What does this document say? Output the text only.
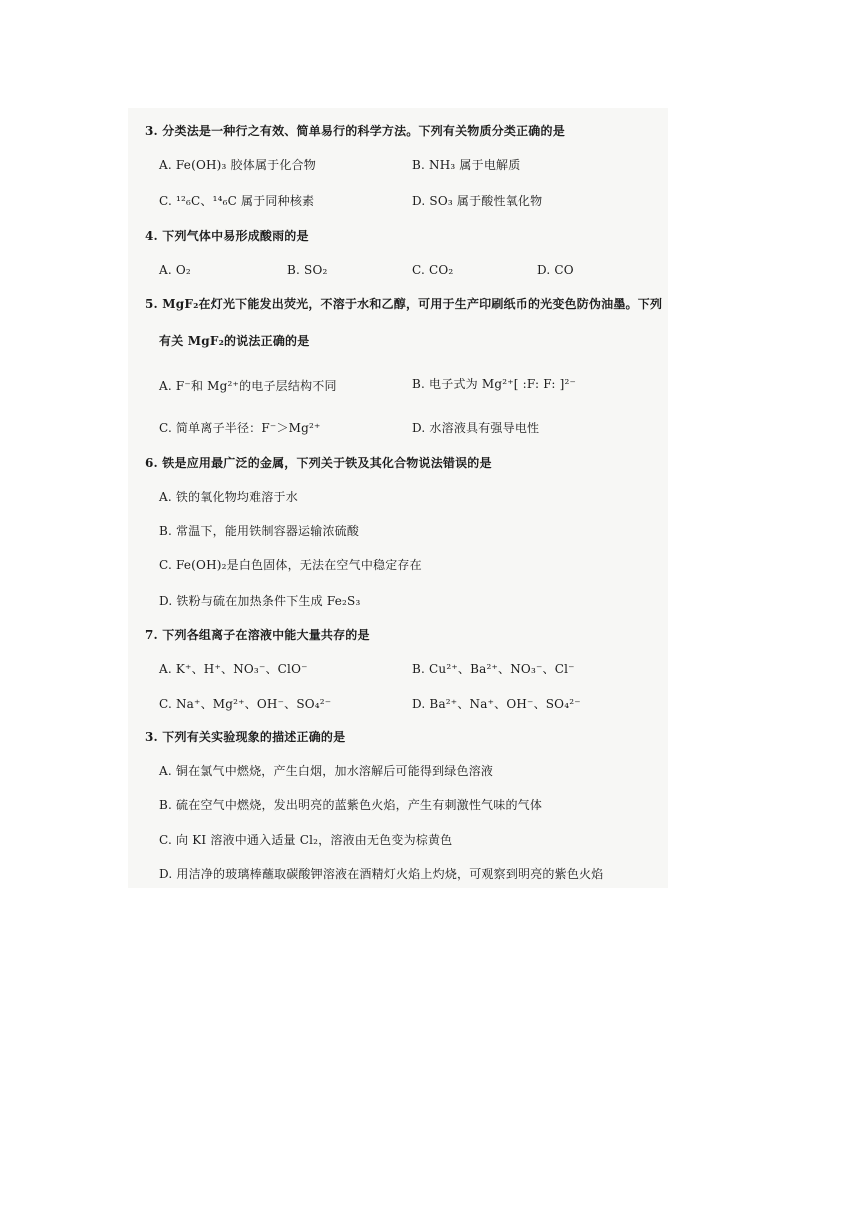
3. 分类法是一种行之有效、简单易行的科学方法。下列有关物质分类正确的是
A. Fe(OH)₃ 胶体属于化合物	B. NH₃ 属于电解质
C. ¹²₆C、¹⁴₆C 属于同种核素	D. SO₃ 属于酸性氧化物
4. 下列气体中易形成酸雨的是
A. O₂	B. SO₂	C. CO₂	D. CO
5. MgF₂在灯光下能发出荧光，不溶于水和乙醇，可用于生产印刷纸币的光变色防伪油墨。下列
有关 MgF₂的说法正确的是
A. F⁻和 Mg²⁺的电子层结构不同	B. 电子式为 Mg²⁺[ :F: F: ]²⁻
C. 简单离子半径：F⁻＞Mg²⁺	D. 水溶液具有强导电性
6. 铁是应用最广泛的金属，下列关于铁及其化合物说法错误的是
A. 铁的氧化物均难溶于水
B. 常温下，能用铁制容器运输浓硫酸
C. Fe(OH)₂是白色固体，无法在空气中稳定存在
D. 铁粉与硫在加热条件下生成 Fe₂S₃
7. 下列各组离子在溶液中能大量共存的是
A. K⁺、H⁺、NO₃⁻、ClO⁻	B. Cu²⁺、Ba²⁺、NO₃⁻、Cl⁻
C. Na⁺、Mg²⁺、OH⁻、SO₄²⁻	D. Ba²⁺、Na⁺、OH⁻、SO₄²⁻
3. 下列有关实验现象的描述正确的是
A. 铜在氯气中燃烧，产生白烟，加水溶解后可能得到绿色溶液
B. 硫在空气中燃烧，发出明亮的蓝紫色火焰，产生有刺激性气味的气体
C. 向 KI 溶液中通入适量 Cl₂，溶液由无色变为棕黄色
D. 用洁净的玻璃棒蘸取碳酸钾溶液在酒精灯火焰上灼烧，可观察到明亮的紫色火焰
